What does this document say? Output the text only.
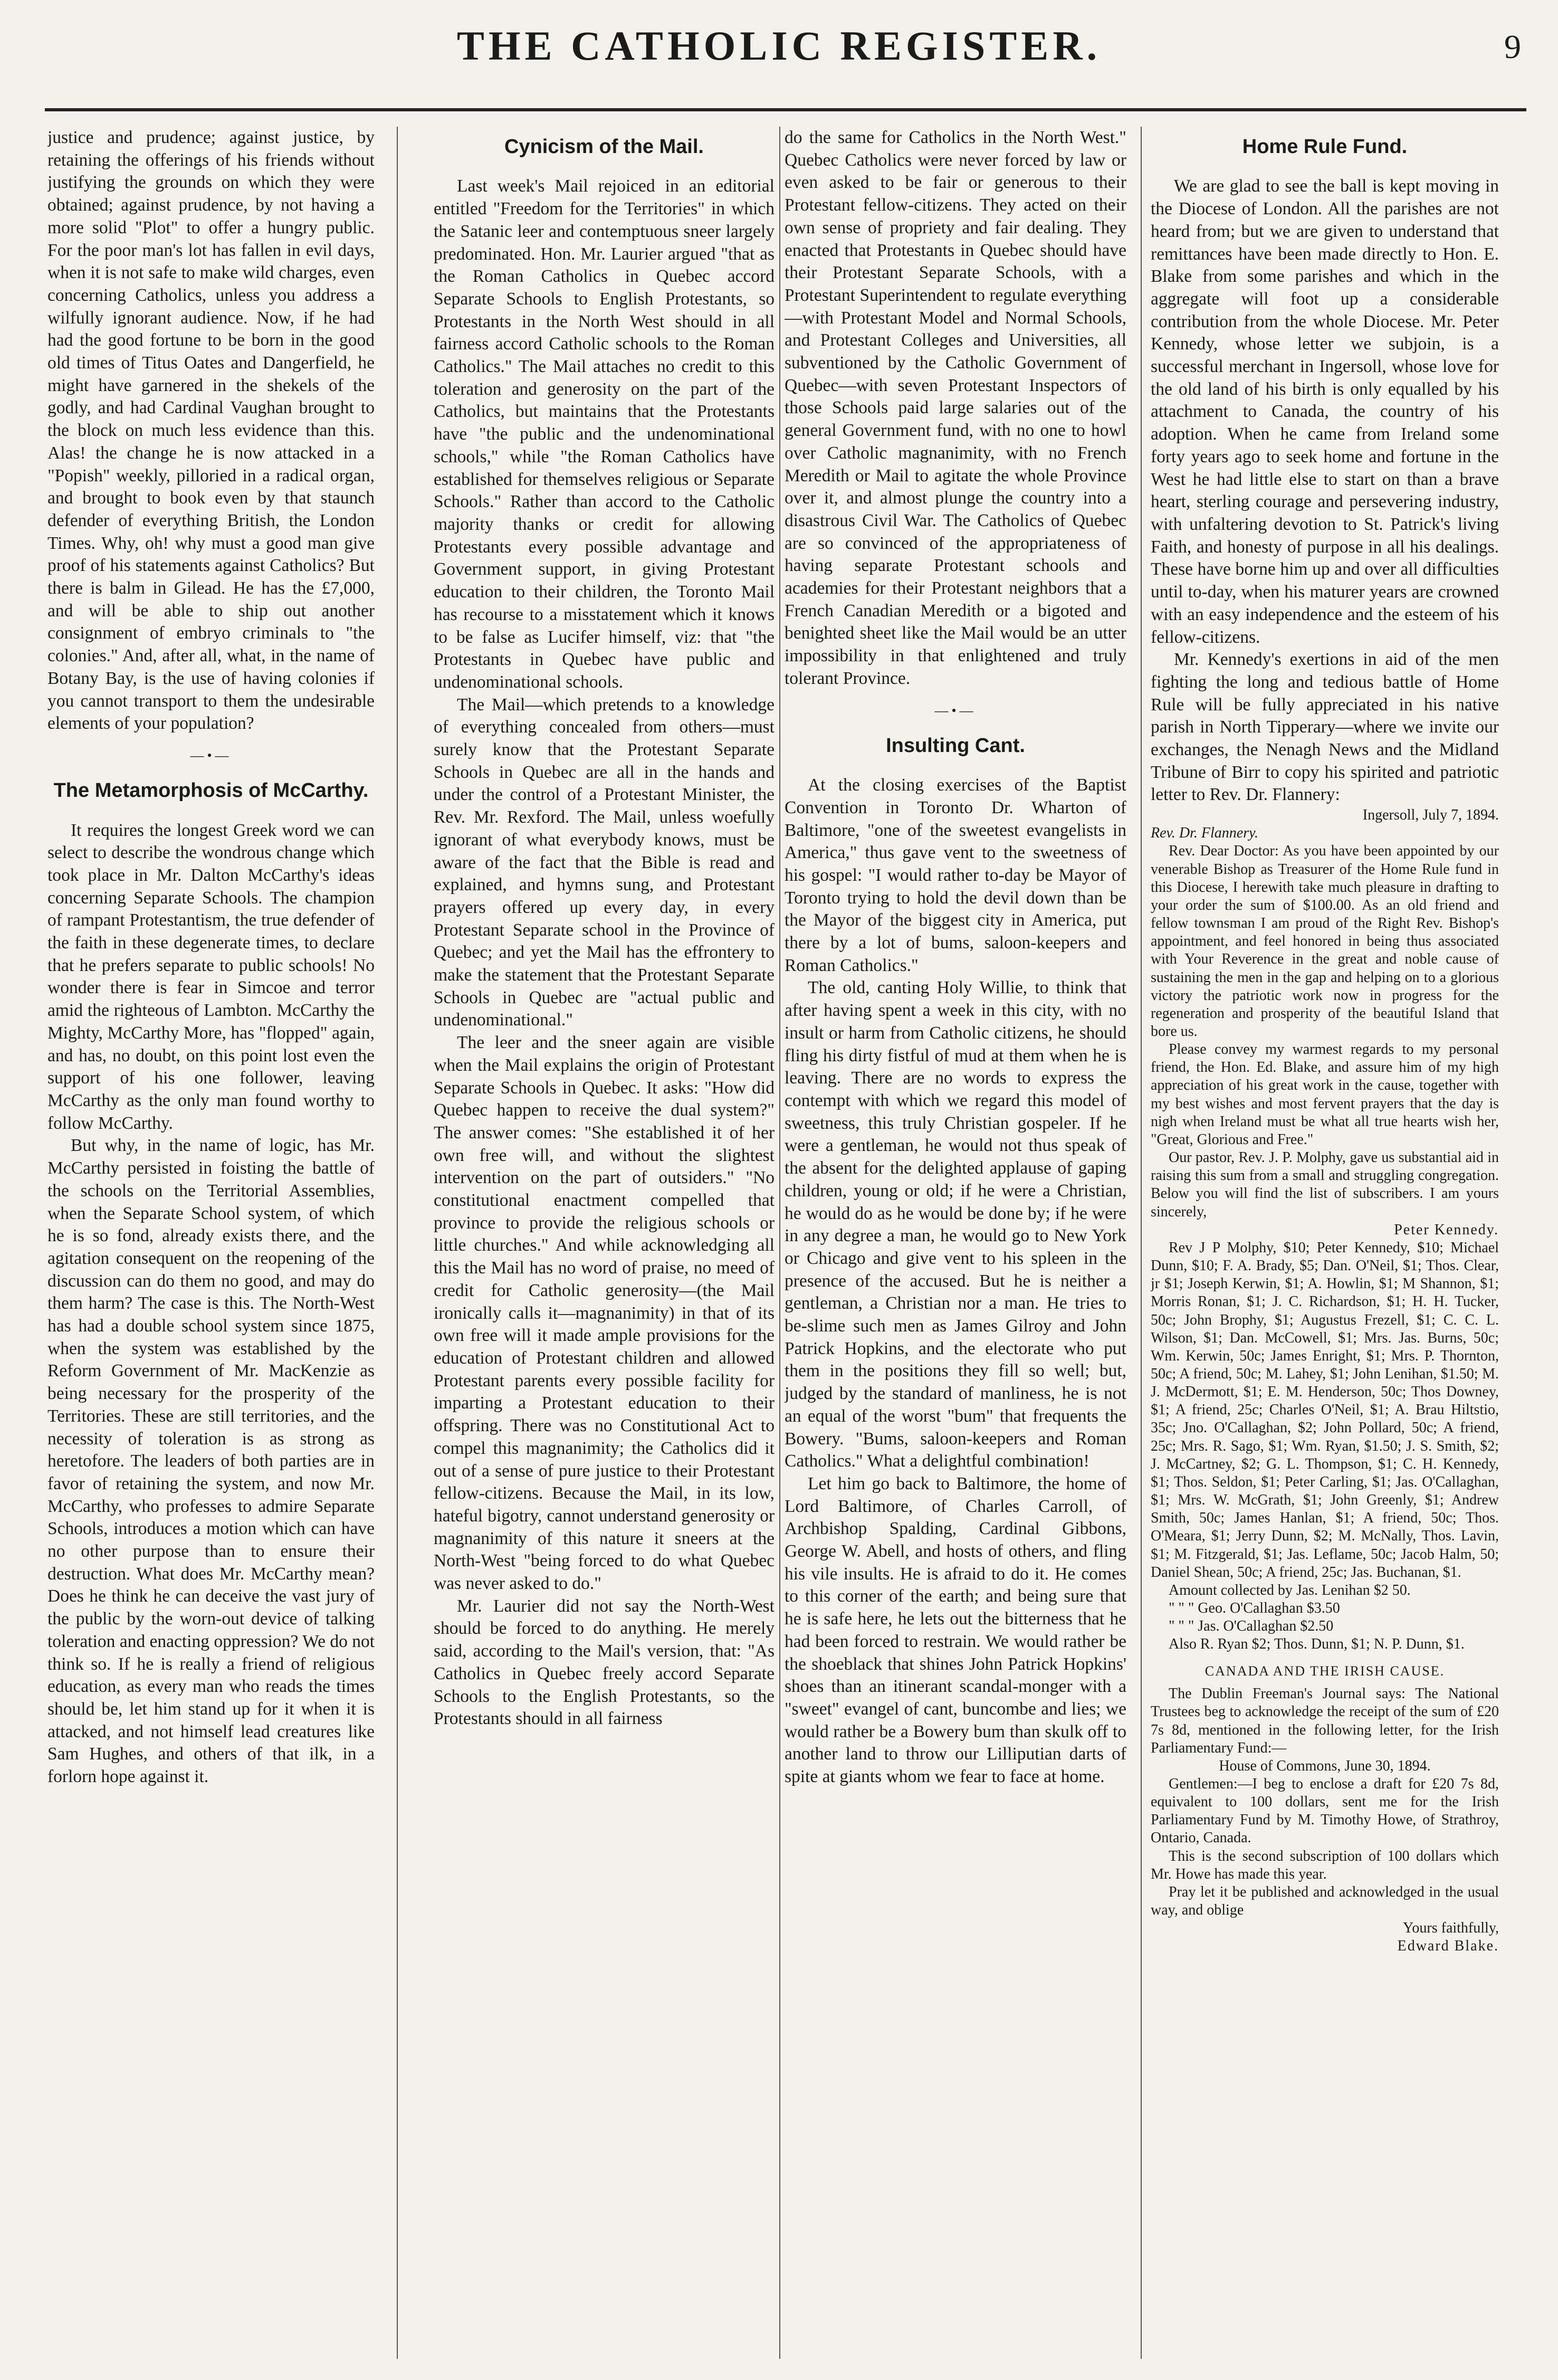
THE CATHOLIC REGISTER.	9

justice and prudence; against justice, by retaining the offerings of his friends without justifying the grounds on which they were obtained; against prudence, by not having a more solid "Plot" to offer a hungry public. For the poor man's lot has fallen in evil days, when it is not safe to make wild charges, even concerning Catholics, unless you address a wilfully ignorant audience. Now, if he had had the good fortune to be born in the good old times of Titus Oates and Dangerfield, he might have garnered in the shekels of the godly, and had Cardinal Vaughan brought to the block on much less evidence than this. Alas! the change he is now attacked in a "Popish" weekly, pilloried in a radical organ, and brought to book even by that staunch defender of everything British, the London Times. Why, oh! why must a good man give proof of his statements against Catholics? But there is balm in Gilead. He has the £7,000, and will be able to ship out another consignment of embryo criminals to "the colonies." And, after all, what, in the name of Botany Bay, is the use of having colonies if you cannot transport to them the undesirable elements of your population?

—•—
The Metamorphosis of McCarthy.

It requires the longest Greek word we can select to describe the wondrous change which took place in Mr. Dalton McCarthy's ideas concerning Separate Schools. The champion of rampant Protestantism, the true defender of the faith in these degenerate times, to declare that he prefers separate to public schools! No wonder there is fear in Simcoe and terror amid the righteous of Lambton. McCarthy the Mighty, McCarthy More, has "flopped" again, and has, no doubt, on this point lost even the support of his one follower, leaving McCarthy as the only man found worthy to follow McCarthy.

But why, in the name of logic, has Mr. McCarthy persisted in foisting the battle of the schools on the Territorial Assemblies, when the Separate School system, of which he is so fond, already exists there, and the agitation consequent on the reopening of the discussion can do them no good, and may do them harm? The case is this. The North-West has had a double school system since 1875, when the system was established by the Reform Government of Mr. MacKenzie as being necessary for the prosperity of the Territories. These are still territories, and the necessity of toleration is as strong as heretofore. The leaders of both parties are in favor of retaining the system, and now Mr. McCarthy, who professes to admire Separate Schools, introduces a motion which can have no other purpose than to ensure their destruction. What does Mr. McCarthy mean? Does he think he can deceive the vast jury of the public by the worn-out device of talking toleration and enacting oppression? We do not think so. If he is really a friend of religious education, as every man who reads the times should be, let him stand up for it when it is attacked, and not himself lead creatures like Sam Hughes, and others of that ilk, in a forlorn hope against it.

Cynicism of the Mail.

Last week's Mail rejoiced in an editorial entitled "Freedom for the Territories" in which the Satanic leer and contemptuous sneer largely predominated. Hon. Mr. Laurier argued "that as the Roman Catholics in Quebec accord Separate Schools to English Protestants, so Protestants in the North West should in all fairness accord Catholic schools to the Roman Catholics." The Mail attaches no credit to this toleration and generosity on the part of the Catholics, but maintains that the Protestants have "the public and the undenominational schools," while "the Roman Catholics have established for themselves religious or Separate Schools." Rather than accord to the Catholic majority thanks or credit for allowing Protestants every possible advantage and Government support, in giving Protestant education to their children, the Toronto Mail has recourse to a misstatement which it knows to be false as Lucifer himself, viz: that "the Protestants in Quebec have public and undenominational schools.

The Mail—which pretends to a knowledge of everything concealed from others—must surely know that the Protestant Separate Schools in Quebec are all in the hands and under the control of a Protestant Minister, the Rev. Mr. Rexford. The Mail, unless woefully ignorant of what everybody knows, must be aware of the fact that the Bible is read and explained, and hymns sung, and Protestant prayers offered up every day, in every Protestant Separate school in the Province of Quebec; and yet the Mail has the effrontery to make the statement that the Protestant Separate Schools in Quebec are "actual public and undenominational."

The leer and the sneer again are visible when the Mail explains the origin of Protestant Separate Schools in Quebec. It asks: "How did Quebec happen to receive the dual system?" The answer comes: "She established it of her own free will, and without the slightest intervention on the part of outsiders." "No constitutional enactment compelled that province to provide the religious schools or little churches." And while acknowledging all this the Mail has no word of praise, no meed of credit for Catholic generosity—(the Mail ironically calls it—magnanimity) in that of its own free will it made ample provisions for the education of Protestant children and allowed Protestant parents every possible facility for imparting a Protestant education to their offspring. There was no Constitutional Act to compel this magnanimity; the Catholics did it out of a sense of pure justice to their Protestant fellow-citizens. Because the Mail, in its low, hateful bigotry, cannot understand generosity or magnanimity of this nature it sneers at the North-West "being forced to do what Quebec was never asked to do."

Mr. Laurier did not say the North-West should be forced to do anything. He merely said, according to the Mail's version, that: "As Catholics in Quebec freely accord Separate Schools to the English Protestants, so the Protestants should in all fairness

do the same for Catholics in the North West." Quebec Catholics were never forced by law or even asked to be fair or generous to their Protestant fellow-citizens. They acted on their own sense of propriety and fair dealing. They enacted that Protestants in Quebec should have their Protestant Separate Schools, with a Protestant Superintendent to regulate everything—with Protestant Model and Normal Schools, and Protestant Colleges and Universities, all subventioned by the Catholic Government of Quebec—with seven Protestant Inspectors of those Schools paid large salaries out of the general Government fund, with no one to howl over Catholic magnanimity, with no French Meredith or Mail to agitate the whole Province over it, and almost plunge the country into a disastrous Civil War. The Catholics of Quebec are so convinced of the appropriateness of having separate Protestant schools and academies for their Protestant neighbors that a French Canadian Meredith or a bigoted and benighted sheet like the Mail would be an utter impossibility in that enlightened and truly tolerant Province.

—•—
Insulting Cant.

At the closing exercises of the Baptist Convention in Toronto Dr. Wharton of Baltimore, "one of the sweetest evangelists in America," thus gave vent to the sweetness of his gospel: "I would rather to-day be Mayor of Toronto trying to hold the devil down than be the Mayor of the biggest city in America, put there by a lot of bums, saloon-keepers and Roman Catholics."

The old, canting Holy Willie, to think that after having spent a week in this city, with no insult or harm from Catholic citizens, he should fling his dirty fistful of mud at them when he is leaving. There are no words to express the contempt with which we regard this model of sweetness, this truly Christian gospeler. If he were a gentleman, he would not thus speak of the absent for the delighted applause of gaping children, young or old; if he were a Christian, he would do as he would be done by; if he were in any degree a man, he would go to New York or Chicago and give vent to his spleen in the presence of the accused. But he is neither a gentleman, a Christian nor a man. He tries to be-slime such men as James Gilroy and John Patrick Hopkins, and the electorate who put them in the positions they fill so well; but, judged by the standard of manliness, he is not an equal of the worst "bum" that frequents the Bowery. "Bums, saloon-keepers and Roman Catholics." What a delightful combination!

Let him go back to Baltimore, the home of Lord Baltimore, of Charles Carroll, of Archbishop Spalding, Cardinal Gibbons, George W. Abell, and hosts of others, and fling his vile insults. He is afraid to do it. He comes to this corner of the earth; and being sure that he is safe here, he lets out the bitterness that he had been forced to restrain. We would rather be the shoeblack that shines John Patrick Hopkins' shoes than an itinerant scandal-monger with a "sweet" evangel of cant, buncombe and lies; we would rather be a Bowery bum than skulk off to another land to throw our Lilliputian darts of spite at giants whom we fear to face at home.

Home Rule Fund.

We are glad to see the ball is kept moving in the Diocese of London. All the parishes are not heard from; but we are given to understand that remittances have been made directly to Hon. E. Blake from some parishes and which in the aggregate will foot up a considerable contribution from the whole Diocese. Mr. Peter Kennedy, whose letter we subjoin, is a successful merchant in Ingersoll, whose love for the old land of his birth is only equalled by his attachment to Canada, the country of his adoption. When he came from Ireland some forty years ago to seek home and fortune in the West he had little else to start on than a brave heart, sterling courage and persevering industry, with unfaltering devotion to St. Patrick's living Faith, and honesty of purpose in all his dealings. These have borne him up and over all difficulties until to-day, when his maturer years are crowned with an easy independence and the esteem of his fellow-citizens.

Mr. Kennedy's exertions in aid of the men fighting the long and tedious battle of Home Rule will be fully appreciated in his native parish in North Tipperary—where we invite our exchanges, the Nenagh News and the Midland Tribune of Birr to copy his spirited and patriotic letter to Rev. Dr. Flannery:

Ingersoll, July 7, 1894.

Rev. Dr. Flannery.

Rev. Dear Doctor: As you have been appointed by our venerable Bishop as Treasurer of the Home Rule fund in this Diocese, I herewith take much pleasure in drafting to your order the sum of $100.00. As an old friend and fellow townsman I am proud of the Right Rev. Bishop's appointment, and feel honored in being thus associated with Your Reverence in the great and noble cause of sustaining the men in the gap and helping on to a glorious victory the patriotic work now in progress for the regeneration and prosperity of the beautiful Island that bore us.

Please convey my warmest regards to my personal friend, the Hon. Ed. Blake, and assure him of my high appreciation of his great work in the cause, together with my best wishes and most fervent prayers that the day is nigh when Ireland must be what all true hearts wish her, "Great, Glorious and Free."

Our pastor, Rev. J. P. Molphy, gave us substantial aid in raising this sum from a small and struggling congregation. Below you will find the list of subscribers. I am yours sincerely,

Peter Kennedy.

Rev J P Molphy, $10; Peter Kennedy, $10; Michael Dunn, $10; F. A. Brady, $5; Dan. O'Neil, $1; Thos. Clear, jr $1; Joseph Kerwin, $1; A. Howlin, $1; M Shannon, $1; Morris Ronan, $1; J. C. Richardson, $1; H. H. Tucker, 50c; John Brophy, $1; Augustus Frezell, $1; C. C. L. Wilson, $1; Dan. McCowell, $1; Mrs. Jas. Burns, 50c; Wm. Kerwin, 50c; James Enright, $1; Mrs. P. Thornton, 50c; A friend, 50c; M. Lahey, $1; John Lenihan, $1.50; M. J. McDermott, $1; E. M. Henderson, 50c; Thos Downey, $1; A friend, 25c; Charles O'Neil, $1; A. Brau Hiltstio, 35c; Jno. O'Callaghan, $2; John Pollard, 50c; A friend, 25c; Mrs. R. Sago, $1; Wm. Ryan, $1.50; J. S. Smith, $2; J. McCartney, $2; G. L. Thompson, $1; C. H. Kennedy, $1; Thos. Seldon, $1; Peter Carling, $1; Jas. O'Callaghan, $1; Mrs. W. McGrath, $1; John Greenly, $1; Andrew Smith, 50c; James Hanlan, $1; A friend, 50c; Thos. O'Meara, $1; Jerry Dunn, $2; M. McNally, Thos. Lavin, $1; M. Fitzgerald, $1; Jas. Leflame, 50c; Jacob Halm, 50; Daniel Shean, 50c; A friend, 25c; Jas. Buchanan, $1.

Amount collected by Jas. Lenihan $2 50.

" " " Geo. O'Callaghan $3.50

" " " Jas. O'Callaghan $2.50

Also R. Ryan $2; Thos. Dunn, $1; N. P. Dunn, $1.

CANADA AND THE IRISH CAUSE.

The Dublin Freeman's Journal says: The National Trustees beg to acknowledge the receipt of the sum of £20 7s 8d, mentioned in the following letter, for the Irish Parliamentary Fund:—

House of Commons, June 30, 1894.

Gentlemen:—I beg to enclose a draft for £20 7s 8d, equivalent to 100 dollars, sent me for the Irish Parliamentary Fund by M. Timothy Howe, of Strathroy, Ontario, Canada.

This is the second subscription of 100 dollars which Mr. Howe has made this year.

Pray let it be published and acknowledged in the usual way, and oblige

Yours faithfully,

Edward Blake.
